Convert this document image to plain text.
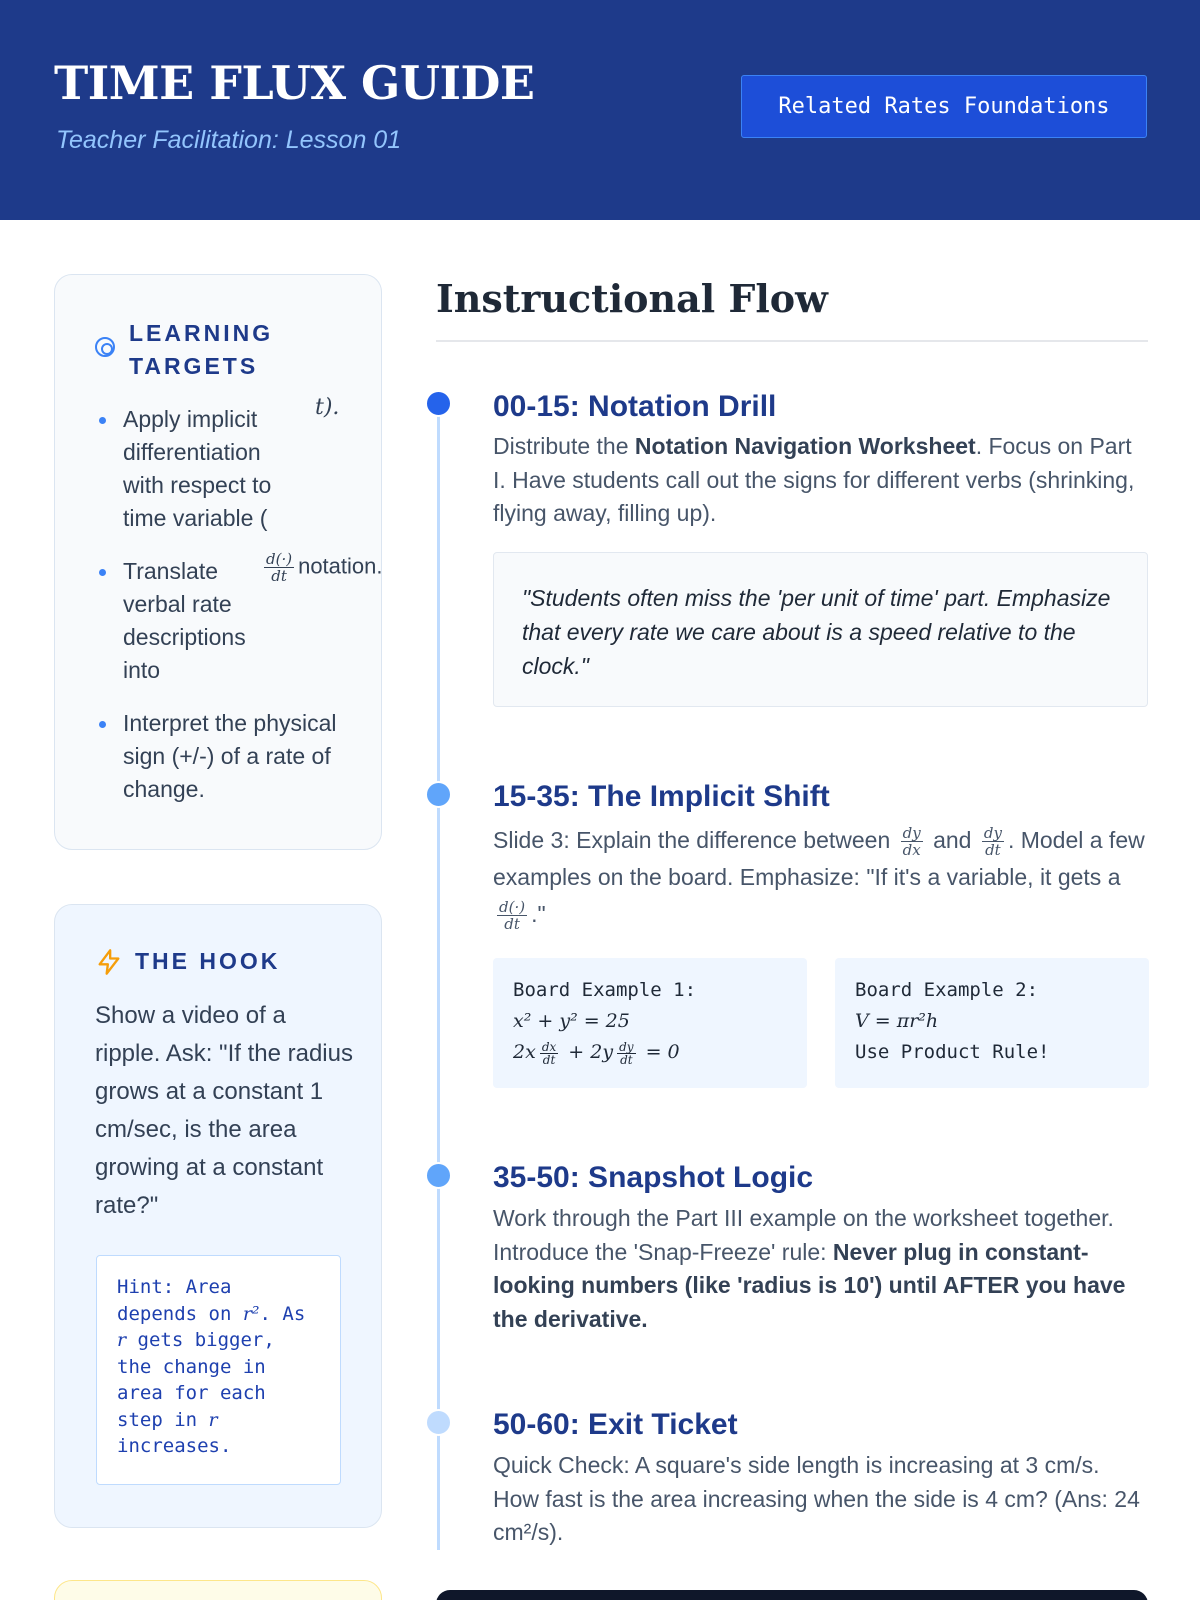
TIME FLUX GUIDE
Teacher Facilitation: Lesson 01
Related Rates Foundations
LEARNING TARGETS
Apply implicit differentiation with respect to time variable (
Translate verbal rate descriptions into
Interpret the physical sign (+/-) of a rate of change.
t).
$\frac{d(\cdot)}{dt}$ notation.
THE HOOK
Show a video of a ripple. Ask: "If the radius grows at a constant 1 cm/sec, is the area growing at a constant rate?"
Hint: Area depends on r². As r gets bigger, the change in area for each step in r increases.
Instructional Flow
00-15: Notation Drill
Distribute the Notation Navigation Worksheet. Focus on Part I. Have students call out the signs for different verbs (shrinking, flying away, filling up).
"Students often miss the 'per unit of time' part. Emphasize that every rate we care about is a speed relative to the clock."
15-35: The Implicit Shift
Slide 3: Explain the difference between $\frac{dy}{dx}$ and $\frac{dy}{dt}$ . Model a few examples on the board. Emphasize: "If it's a variable, it gets a
$\frac{d(\cdot)}{dt}$ ."
Board Example 1:
x² + y² = 25
$2x \frac{dx}{dt} + 2y \frac{dy}{dt} = 0$
Board Example 2:
V = πr²h
Use Product Rule!
35-50: Snapshot Logic
Work through the Part III example on the worksheet together. Introduce the 'Snap-Freeze' rule: Never plug in constant-looking numbers (like 'radius is 10') until AFTER you have the derivative.
50-60: Exit Ticket
Quick Check: A square's side length is increasing at 3 cm/s. How fast is the area increasing when the side is 4 cm? (Ans: 24 cm²/s).
